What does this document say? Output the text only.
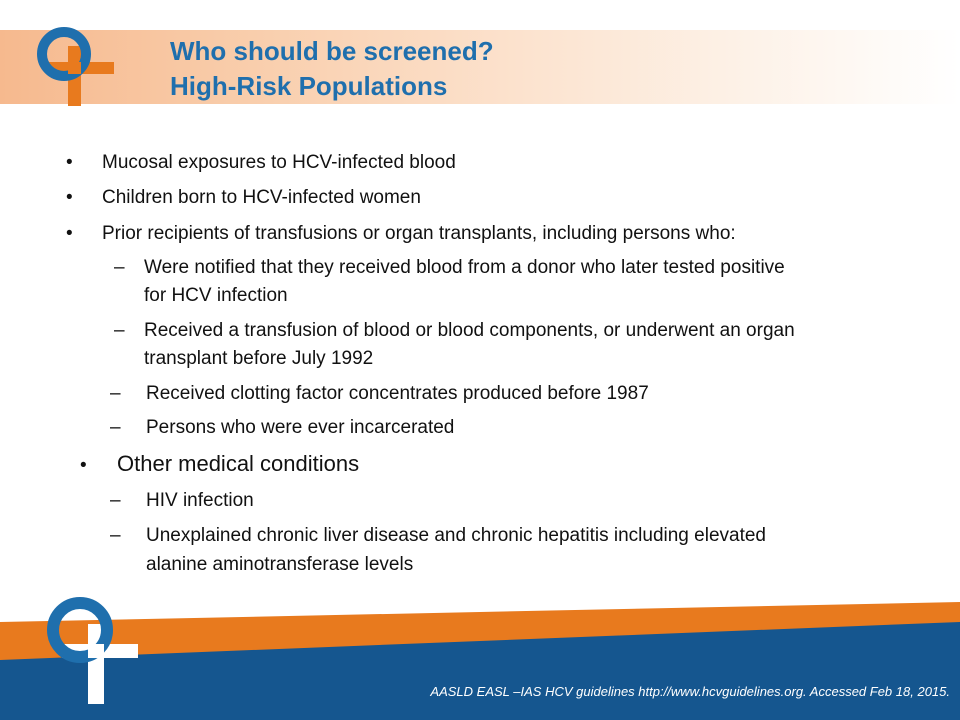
Who should be screened?
High-Risk Populations
• Mucosal exposures to HCV-infected blood
• Children born to HCV-infected women
• Prior recipients of transfusions or organ transplants, including persons who:
– Were notified that they received blood from a donor who later tested positive
for HCV infection
– Received a transfusion of blood or blood components, or underwent an organ
transplant before July 1992
– Received clotting factor concentrates produced before 1987
– Persons who were ever incarcerated
• Other medical conditions
– HIV infection
– Unexplained chronic liver disease and chronic hepatitis including elevated
alanine aminotransferase levels
AASLD EASL –IAS HCV guidelines http://www.hcvguidelines.org. Accessed Feb 18, 2015.
